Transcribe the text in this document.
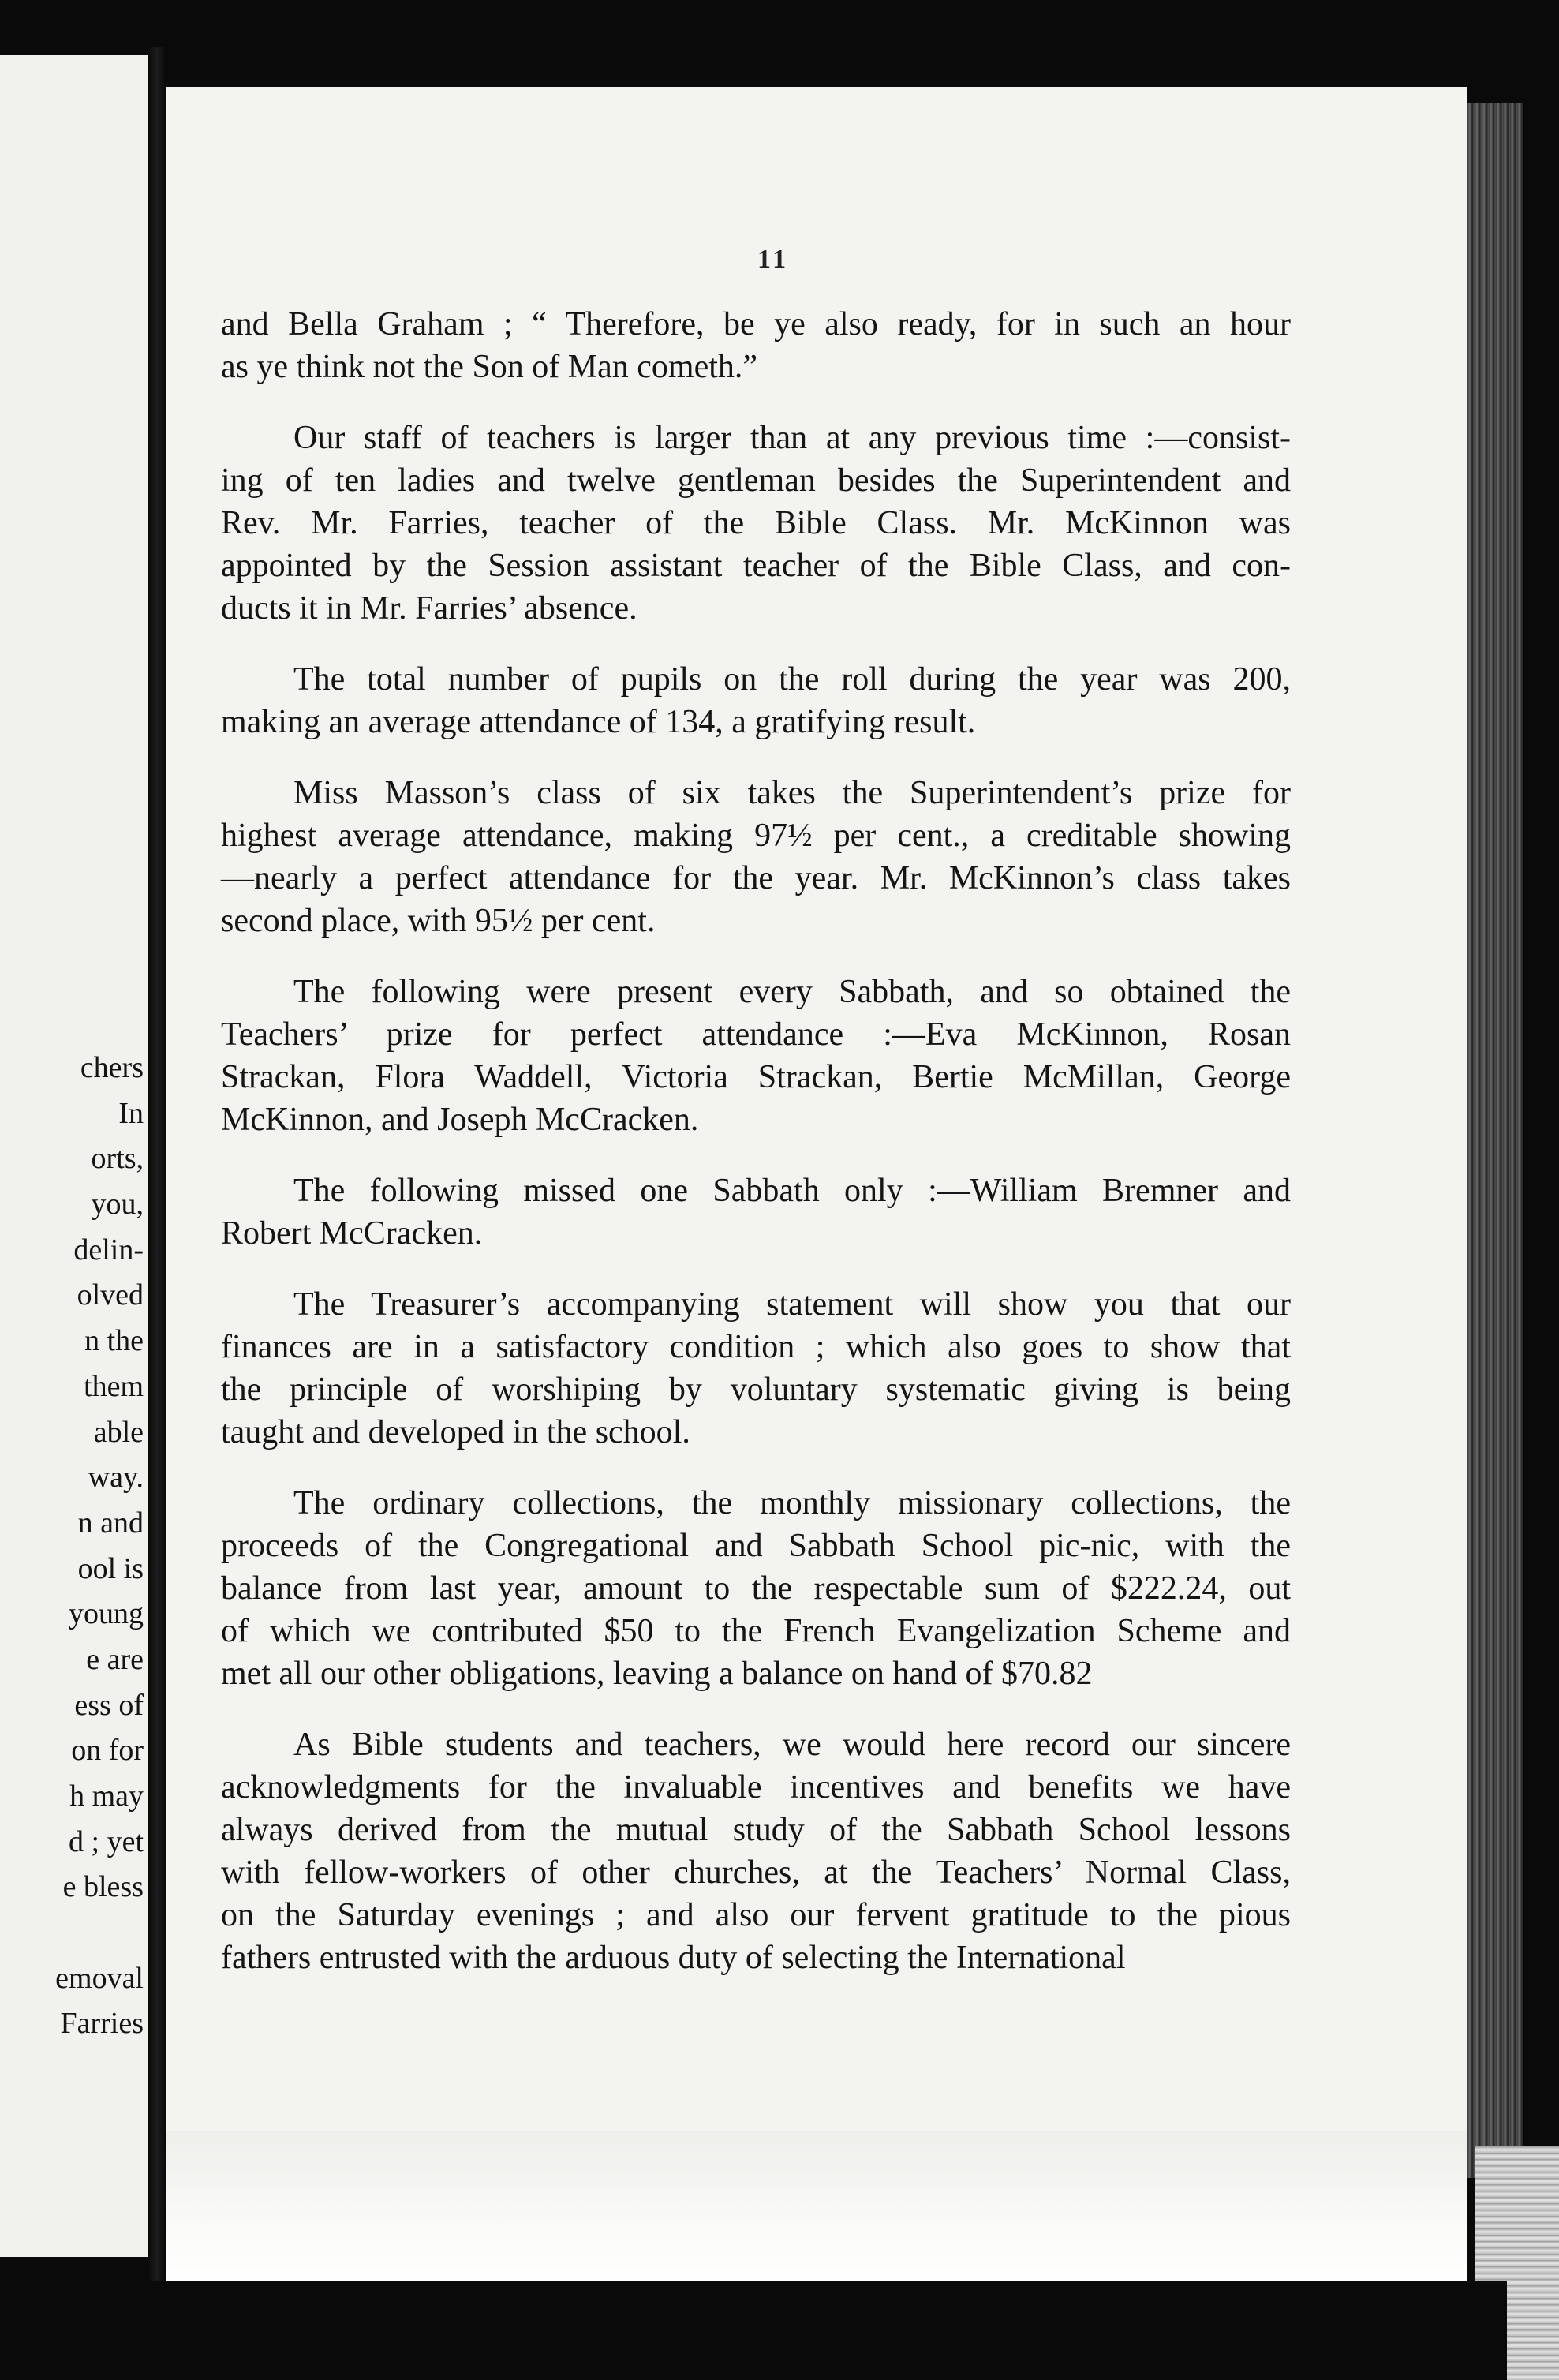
chers
In
orts,
you,
delin-
olved
n the
them
able
way.
n and
ool is
young
e are
ess of
on for
h may
d ; yet
e bless
emoval
Farries
11
and Bella Graham ; “ Therefore, be ye also ready, for in such an hour
as ye think not the Son of Man cometh.”
Our staff of teachers is larger than at any previous time :—consist-
ing of ten ladies and twelve gentleman besides the Superintendent and
Rev. Mr. Farries, teacher of the Bible Class. Mr. McKinnon was
appointed by the Session assistant teacher of the Bible Class, and con-
ducts it in Mr. Farries’ absence.
The total number of pupils on the roll during the year was 200,
making an average attendance of 134, a gratifying result.
Miss Masson’s class of six takes the Superintendent’s prize for
highest average attendance, making 97½ per cent., a creditable showing
—nearly a perfect attendance for the year. Mr. McKinnon’s class takes
second place, with 95½ per cent.
The following were present every Sabbath, and so obtained the
Teachers’ prize for perfect attendance :—Eva McKinnon, Rosan
Strackan, Flora Waddell, Victoria Strackan, Bertie McMillan, George
McKinnon, and Joseph McCracken.
The following missed one Sabbath only :—William Bremner and
Robert McCracken.
The Treasurer’s accompanying statement will show you that our
finances are in a satisfactory condition ; which also goes to show that
the principle of worshiping by voluntary systematic giving is being
taught and developed in the school.
The ordinary collections, the monthly missionary collections, the
proceeds of the Congregational and Sabbath School pic-nic, with the
balance from last year, amount to the respectable sum of $222.24, out
of which we contributed $50 to the French Evangelization Scheme and
met all our other obligations, leaving a balance on hand of $70.82
As Bible students and teachers, we would here record our sincere
acknowledgments for the invaluable incentives and benefits we have
always derived from the mutual study of the Sabbath School lessons
with fellow-workers of other churches, at the Teachers’ Normal Class,
on the Saturday evenings ; and also our fervent gratitude to the pious
fathers entrusted with the arduous duty of selecting the International
